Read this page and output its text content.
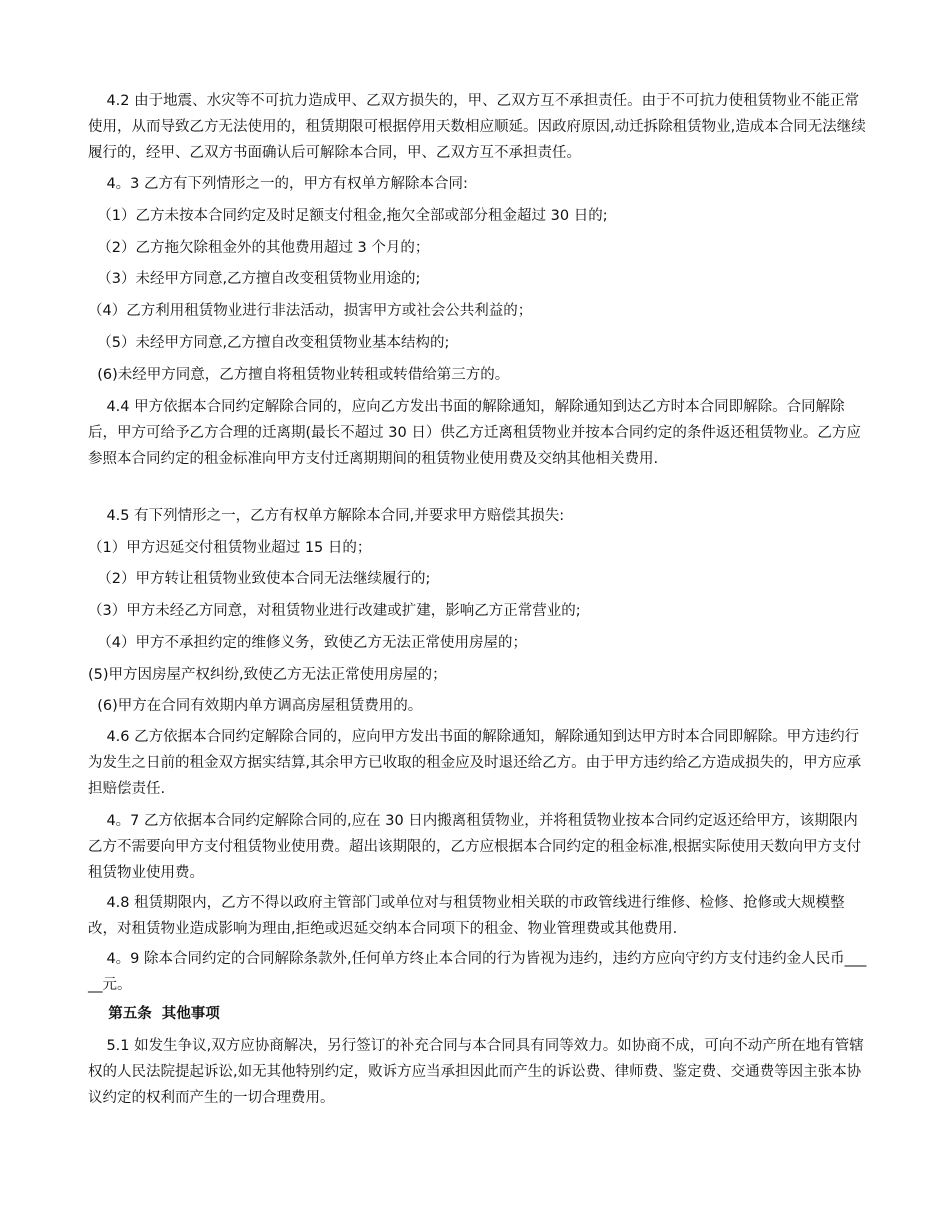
4.2 由于地震、水灾等不可抗力造成甲、乙双方损失的，甲、乙双方互不承担责任。由于不可抗力使租赁物业不能正常使用，从而导致乙方无法使用的，租赁期限可根据停用天数相应顺延。因政府原因,动迁拆除租赁物业,造成本合同无法继续履行的，经甲、乙双方书面确认后可解除本合同，甲、乙双方互不承担责任。

4。3 乙方有下列情形之一的，甲方有权单方解除本合同:

（1）乙方未按本合同约定及时足额支付租金,拖欠全部或部分租金超过 30 日的;

（2）乙方拖欠除租金外的其他费用超过 3 个月的；

（3）未经甲方同意,乙方擅自改变租赁物业用途的;

（4）乙方利用租赁物业进行非法活动，损害甲方或社会公共利益的；

（5）未经甲方同意,乙方擅自改变租赁物业基本结构的;

(6)未经甲方同意，乙方擅自将租赁物业转租或转借给第三方的。

4.4 甲方依据本合同约定解除合同的，应向乙方发出书面的解除通知，解除通知到达乙方时本合同即解除。合同解除后，甲方可给予乙方合理的迁离期(最长不超过 30 日）供乙方迁离租赁物业并按本合同约定的条件返还租赁物业。乙方应参照本合同约定的租金标准向甲方支付迁离期期间的租赁物业使用费及交纳其他相关费用.

4.5 有下列情形之一，乙方有权单方解除本合同,并要求甲方赔偿其损失:

（1）甲方迟延交付租赁物业超过 15 日的；

（2）甲方转让租赁物业致使本合同无法继续履行的;

（3）甲方未经乙方同意，对租赁物业进行改建或扩建，影响乙方正常营业的;

（4）甲方不承担约定的维修义务，致使乙方无法正常使用房屋的；

(5)甲方因房屋产权纠纷,致使乙方无法正常使用房屋的；

(6)甲方在合同有效期内单方调高房屋租赁费用的。

4.6 乙方依据本合同约定解除合同的，应向甲方发出书面的解除通知，解除通知到达甲方时本合同即解除。甲方违约行为发生之日前的租金双方据实结算,其余甲方已收取的租金应及时退还给乙方。由于甲方违约给乙方造成损失的，甲方应承担赔偿责任.

4。7 乙方依据本合同约定解除合同的,应在 30 日内搬离租赁物业，并将租赁物业按本合同约定返还给甲方，该期限内乙方不需要向甲方支付租赁物业使用费。超出该期限的，乙方应根据本合同约定的租金标准,根据实际使用天数向甲方支付租赁物业使用费。

4.8 租赁期限内，乙方不得以政府主管部门或单位对与租赁物业相关联的市政管线进行维修、检修、抢修或大规模整改，对租赁物业造成影响为理由,拒绝或迟延交纳本合同项下的租金、物业管理费或其他费用.

4。9 除本合同约定的合同解除条款外,任何单方终止本合同的行为皆视为违约，违约方应向守约方支付违约金人民币_____元。

第五条  其他事项

5.1 如发生争议,双方应协商解决，另行签订的补充合同与本合同具有同等效力。如协商不成，可向不动产所在地有管辖权的人民法院提起诉讼,如无其他特别约定，败诉方应当承担因此而产生的诉讼费、律师费、鉴定费、交通费等因主张本协议约定的权利而产生的一切合理费用。
